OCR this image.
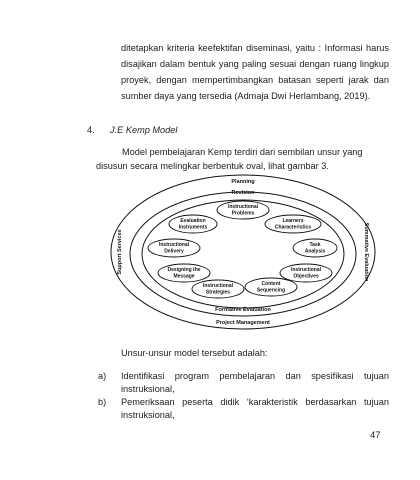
ditetapkan kriteria keefektifan diseminasi, yaitu : Informasi harus disajikan dalam bentuk yang paling sesuai dengan ruang lingkup proyek, dengan mempertimbangkan batasan seperti jarak dan sumber daya yang tersedia (Admaja Dwi Herlambang, 2019).

4. J.E Kemp Model

Model pembelajaran Kemp terdiri dari sembilan unsur yang disusun secara melingkar berbentuk oval, lihat gambar 3.

Planning
Revision
Formative Evaluation
Project Management
Support Services	Summative Evaluation
Instructional
Problems
Evaluation
Instruments
Learners
Characteristics
Instructional
Delivery
Task
Analysis
Designing the
Message
Instructional
Objectives
Instructional
Strategies
Content
Sequencing

Unsur-unsur model tersebut adalah:

a) Identifikasi program pembelajaran dan spesifikasi tujuan instruksional,
b) Pemeriksaan peserta didik ‘karakteristik berdasarkan tujuan instruksional,
47
